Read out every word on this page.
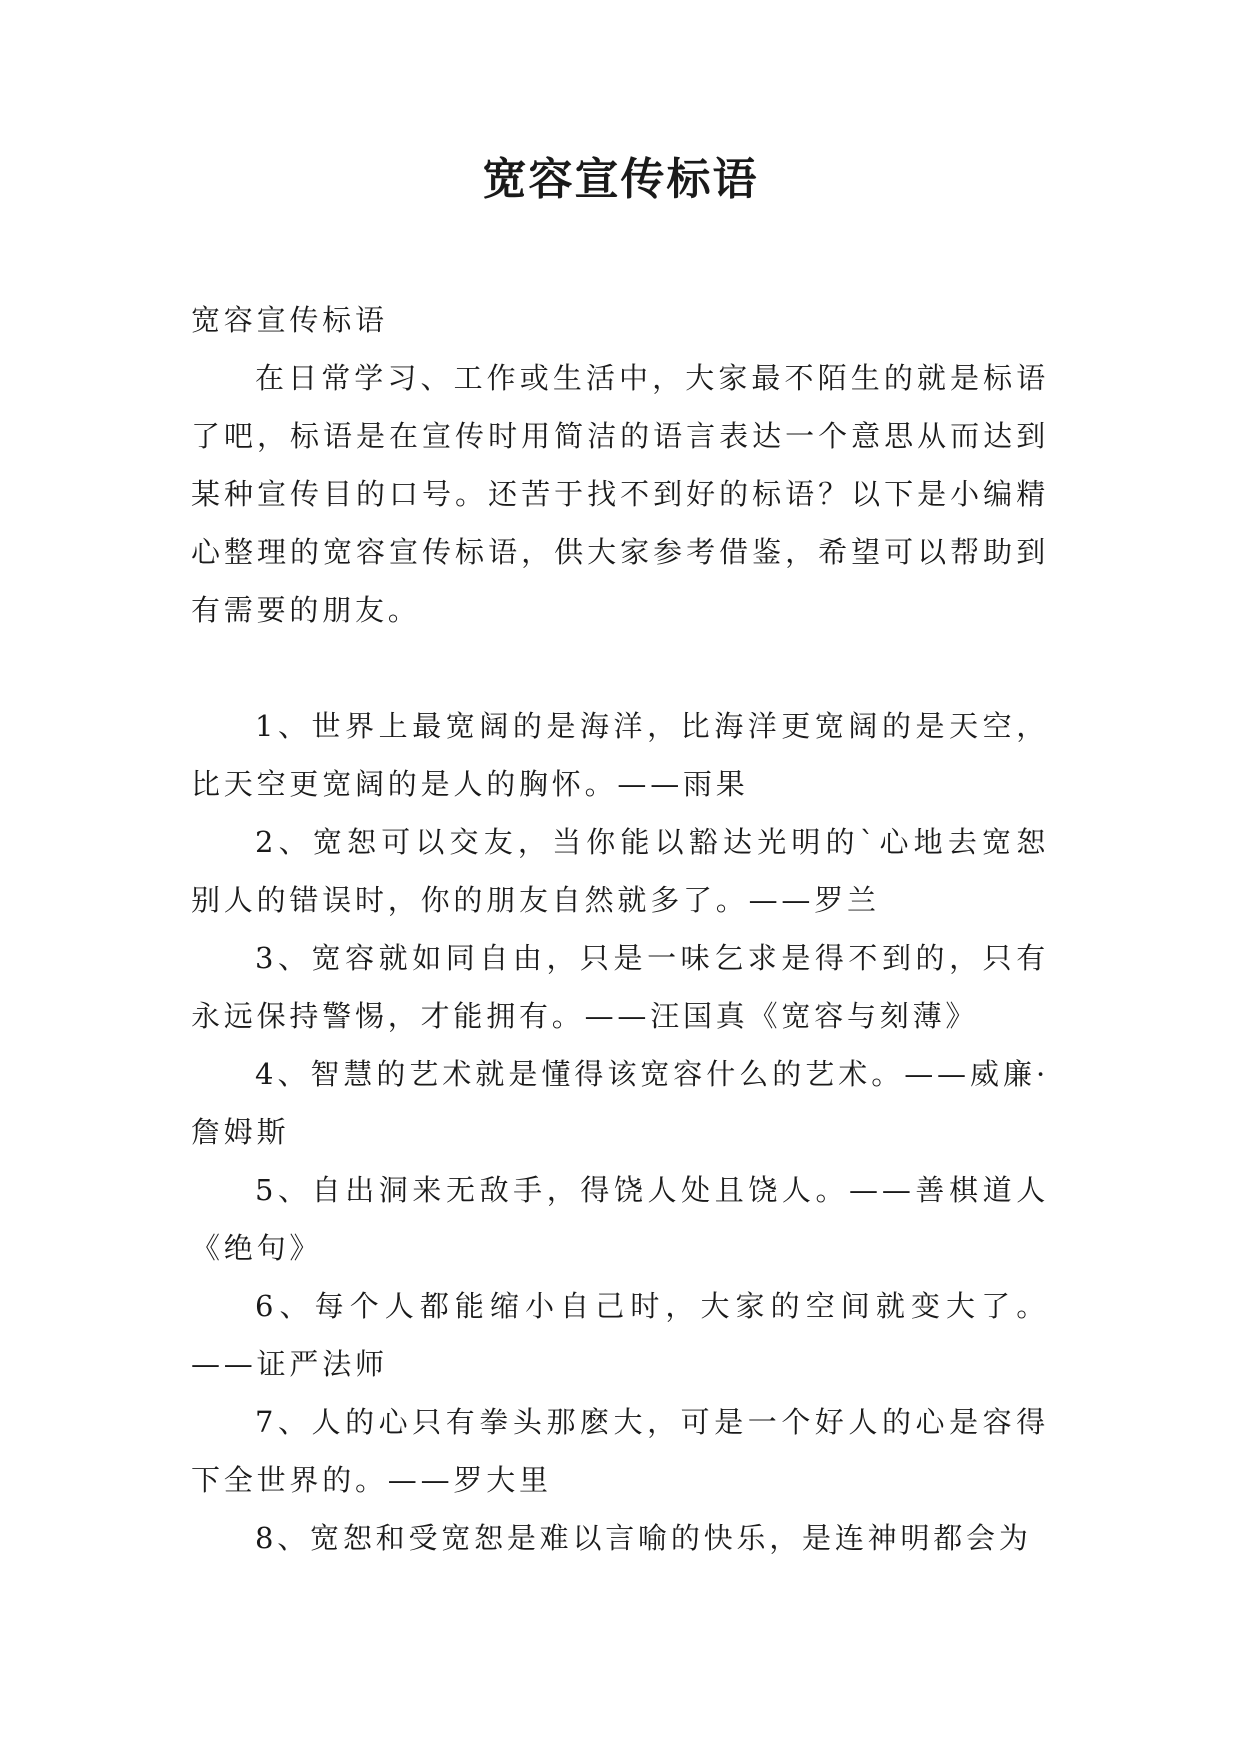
宽容宣传标语

宽容宣传标语

在日常学习、工作或生活中，大家最不陌生的就是标语了吧，标语是在宣传时用简洁的语言表达一个意思从而达到某种宣传目的口号。还苦于找不到好的标语？以下是小编精心整理的宽容宣传标语，供大家参考借鉴，希望可以帮助到有需要的朋友。

1、世界上最宽阔的是海洋，比海洋更宽阔的是天空，比天空更宽阔的是人的胸怀。——雨果

2、宽恕可以交友，当你能以豁达光明的`心地去宽恕别人的错误时，你的朋友自然就多了。——罗兰

3、宽容就如同自由，只是一味乞求是得不到的，只有永远保持警惕，才能拥有。——汪国真《宽容与刻薄》

4、智慧的艺术就是懂得该宽容什么的艺术。——威廉·詹姆斯

5、自出洞来无敌手，得饶人处且饶人。——善棋道人《绝句》

6、每个人都能缩小自己时，大家的空间就变大了。——证严法师

7、人的心只有拳头那麽大，可是一个好人的心是容得下全世界的。——罗大里

8、宽恕和受宽恕是难以言喻的快乐，是连神明都会为
